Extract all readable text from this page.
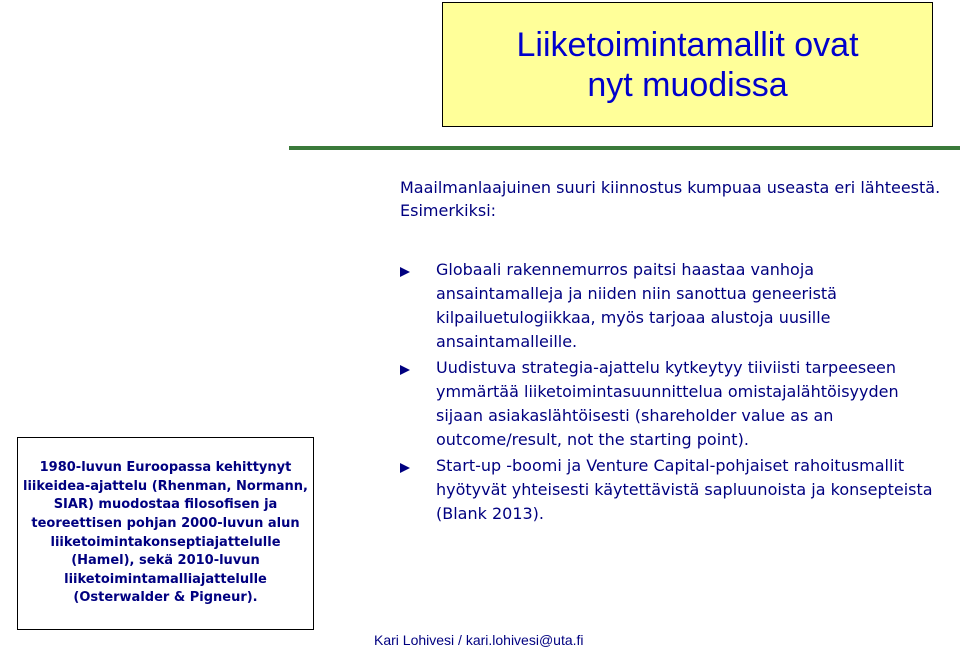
Liiketoimintamallit ovat
nyt muodissa

Maailmanlaajuinen suuri kiinnostus kumpuaa useasta eri lähteestä. Esimerkiksi:

Globaali rakennemurros paitsi haastaa vanhoja ansaintamalleja ja niiden niin sanottua geneeristä kilpailuetulogiikkaa, myös tarjoaa alustoja uusille ansaintamalleille.
Uudistuva strategia-ajattelu kytkeytyy tiiviisti tarpeeseen ymmärtää liiketoimintasuunnittelua omistajalähtöisyyden sijaan asiakaslähtöisesti (shareholder value as an outcome/result, not the starting point).
Start-up -boomi ja Venture Capital-pohjaiset rahoitusmallit hyötyvät yhteisesti käytettävistä sapluunoista ja konsepteista (Blank 2013).
1980-luvun Euroopassa kehittynyt liikeidea-ajattelu (Rhenman, Normann, SIAR) muodostaa filosofisen ja teoreettisen pohjan 2000-luvun alun liiketoimintakonseptiajattelulle (Hamel), sekä 2010-luvun liiketoimintamalliajattelulle (Osterwalder & Pigneur).
Kari Lohivesi / kari.lohivesi@uta.fi
